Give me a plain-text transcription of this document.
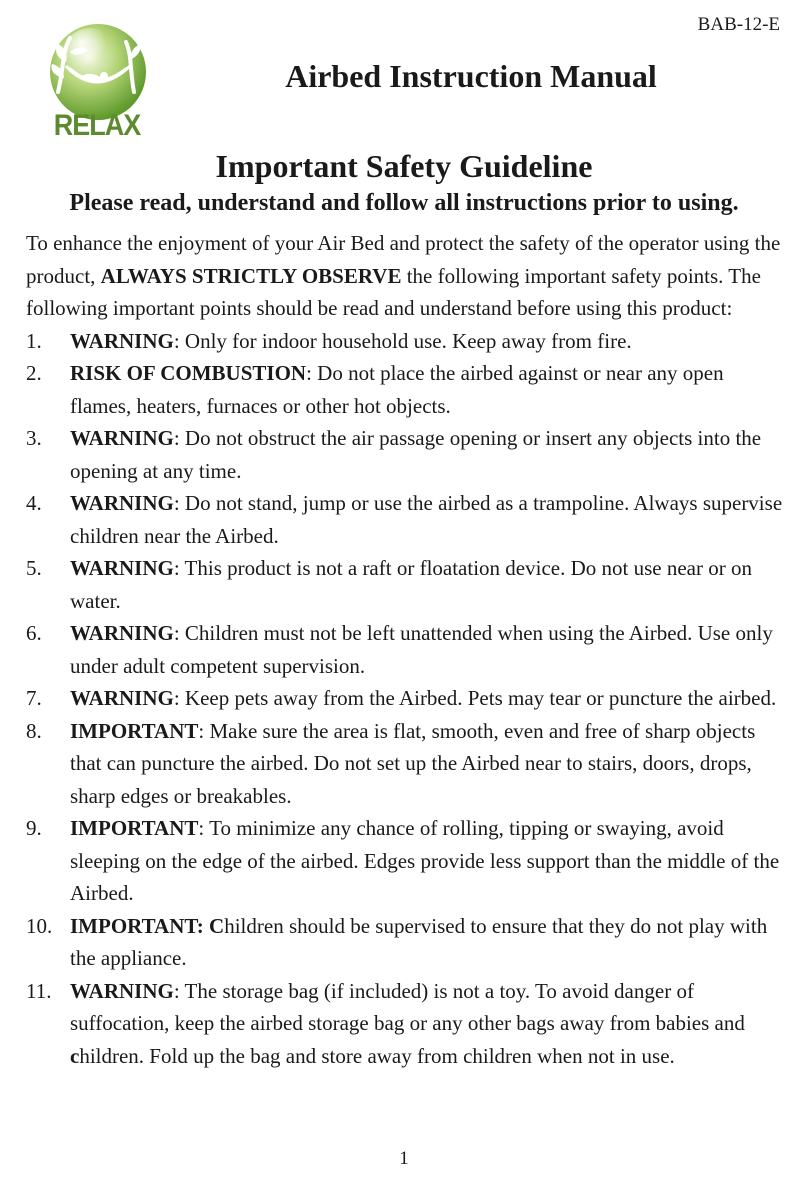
BAB-12-E
RELAX
Airbed Instruction Manual
Important Safety Guideline

Please read, understand and follow all instructions prior to using.

To enhance the enjoyment of your Air Bed and protect the safety of the operator using the product, ALWAYS STRICTLY OBSERVE the following important safety points. The following important points should be read and understand before using this product:

1.	WARNING: Only for indoor household use. Keep away from fire.
2.	RISK OF COMBUSTION: Do not place the airbed against or near any open flames, heaters, furnaces or other hot objects.
3.	WARNING: Do not obstruct the air passage opening or insert any objects into the opening at any time.
4.	WARNING: Do not stand, jump or use the airbed as a trampoline. Always supervise children near the Airbed.
5.	WARNING: This product is not a raft or floatation device. Do not use near or on water.
6.	WARNING: Children must not be left unattended when using the Airbed. Use only under adult competent supervision.
7.	WARNING: Keep pets away from the Airbed. Pets may tear or puncture the airbed.
8.	IMPORTANT: Make sure the area is flat, smooth, even and free of sharp objects that can puncture the airbed. Do not set up the Airbed near to stairs, doors, drops, sharp edges or breakables.
9.	IMPORTANT: To minimize any chance of rolling, tipping or swaying, avoid sleeping on the edge of the airbed. Edges provide less support than the middle of the Airbed.
10. IMPORTANT: Children should be supervised to ensure that they do not play with the appliance.
11. WARNING: The storage bag (if included) is not a toy. To avoid danger of suffocation, keep the airbed storage bag or any other bags away from babies and children. Fold up the bag and store away from children when not in use.
1
